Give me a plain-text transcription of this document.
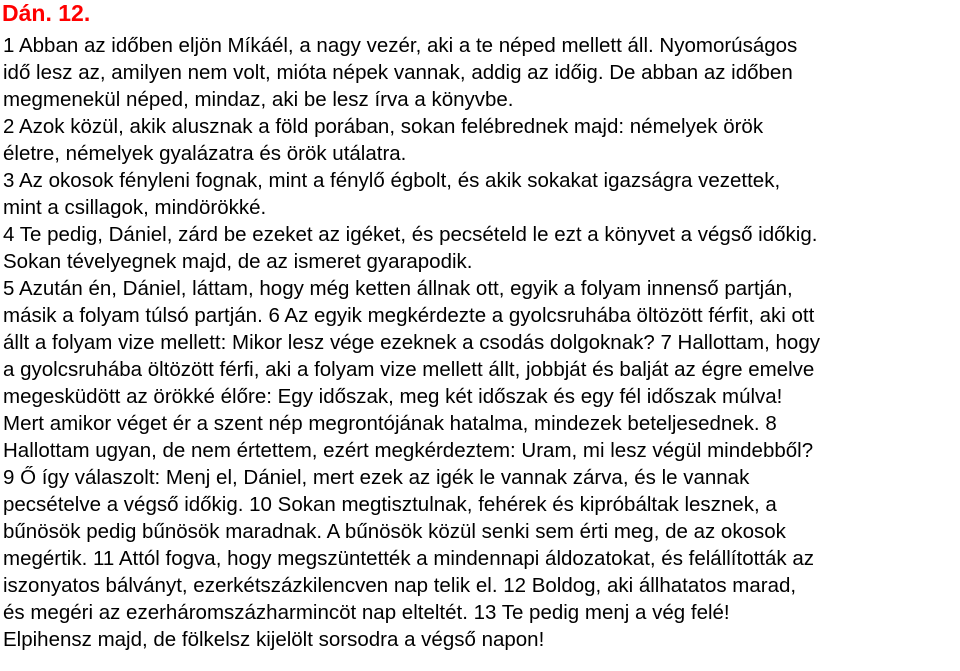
Dán. 12.
1 Abban az időben eljön Míkáél, a nagy vezér, aki a te néped mellett áll. Nyomorúságos
idő lesz az, amilyen nem volt, mióta népek vannak, addig az időig. De abban az időben
megmenekül néped, mindaz, aki be lesz írva a könyvbe.
2 Azok közül, akik alusznak a föld porában, sokan felébrednek majd: némelyek örök
életre, némelyek gyalázatra és örök utálatra.
3 Az okosok fényleni fognak, mint a fénylő égbolt, és akik sokakat igazságra vezettek,
mint a csillagok, mindörökké.
4 Te pedig, Dániel, zárd be ezeket az igéket, és pecsételd le ezt a könyvet a végső időkig.
Sokan tévelyegnek majd, de az ismeret gyarapodik.
5 Azután én, Dániel, láttam, hogy még ketten állnak ott, egyik a folyam innenső partján,
másik a folyam túlsó partján. 6 Az egyik megkérdezte a gyolcsruhába öltözött férfit, aki ott
állt a folyam vize mellett: Mikor lesz vége ezeknek a csodás dolgoknak? 7 Hallottam, hogy
a gyolcsruhába öltözött férfi, aki a folyam vize mellett állt, jobbját és balját az égre emelve
megesküdött az örökké élőre: Egy időszak, meg két időszak és egy fél időszak múlva!
Mert amikor véget ér a szent nép megrontójának hatalma, mindezek beteljesednek. 8
Hallottam ugyan, de nem értettem, ezért megkérdeztem: Uram, mi lesz végül mindebből?
9 Ő így válaszolt: Menj el, Dániel, mert ezek az igék le vannak zárva, és le vannak
pecsételve a végső időkig. 10 Sokan megtisztulnak, fehérek és kipróbáltak lesznek, a
bűnösök pedig bűnösök maradnak. A bűnösök közül senki sem érti meg, de az okosok
megértik. 11 Attól fogva, hogy megszüntették a mindennapi áldozatokat, és felállították az
iszonyatos bálványt, ezerkétszázkilencven nap telik el. 12 Boldog, aki állhatatos marad,
és megéri az ezerháromszázharmincöt nap elteltét. 13 Te pedig menj a vég felé!
Elpihensz majd, de fölkelsz kijelölt sorsodra a végső napon!
